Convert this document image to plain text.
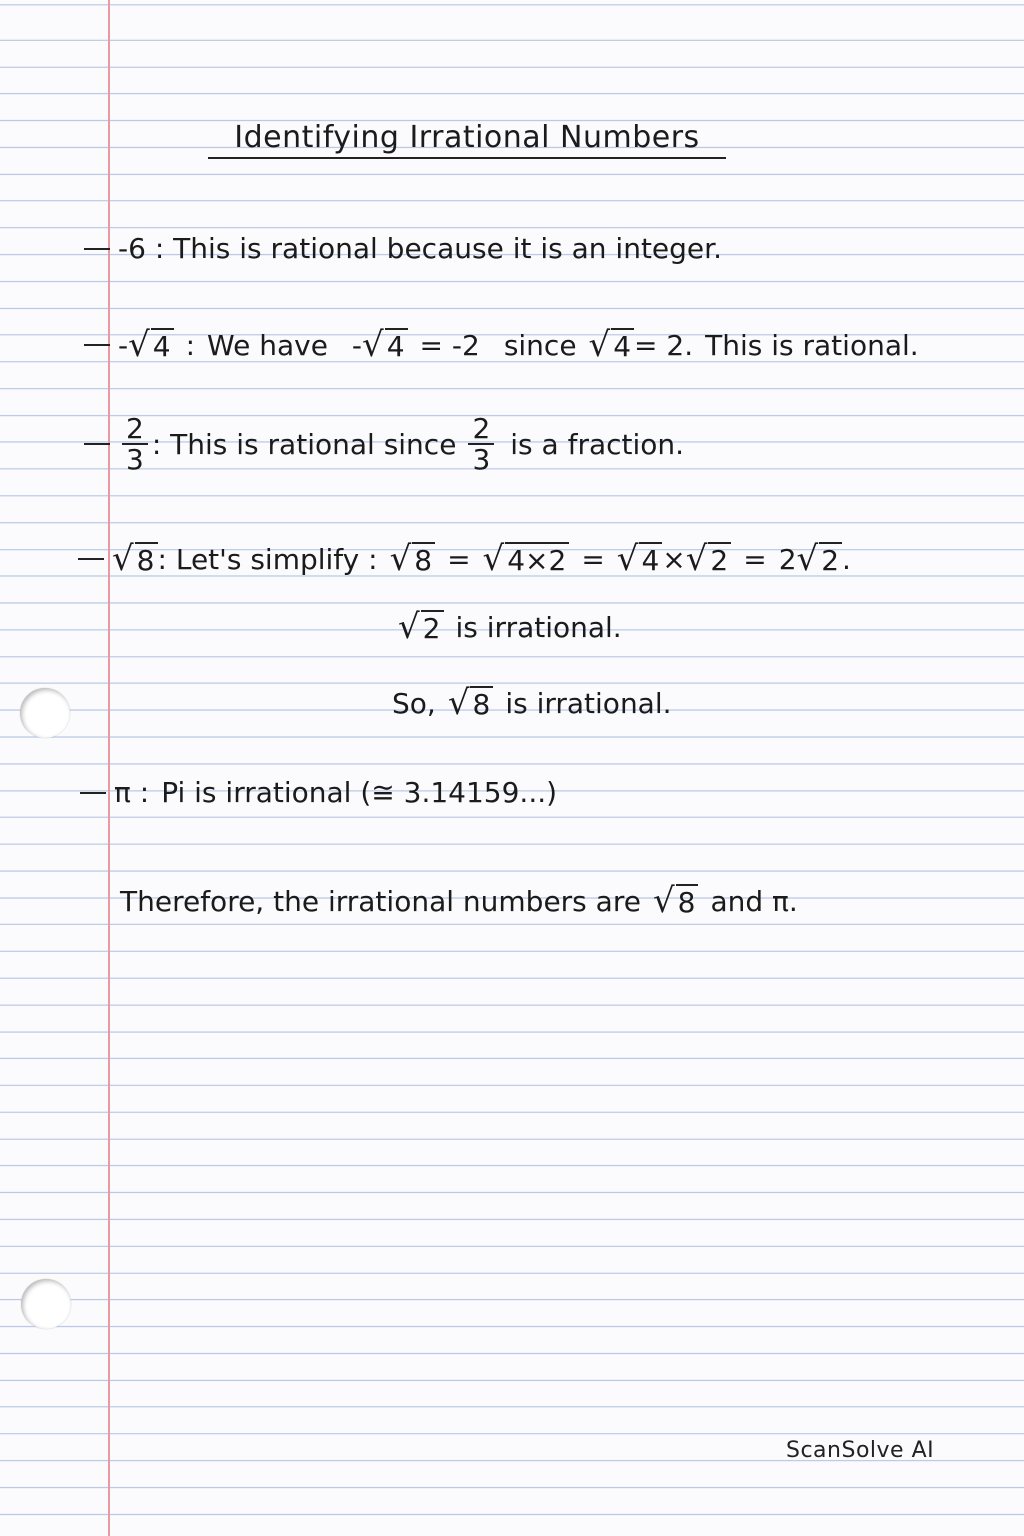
Identifying Irrational Numbers
-6 : This is rational because it is an integer.
- √ 4 : We have - √ 4 = -2 since √ 4 = 2. This is rational.
$\frac{2}{3}$ : This is rational since $\frac{2}{3}$ is a fraction.
√ 8 : Let's simplify : √ 8 = √ 4×2 = √ 4 × √ 2 = 2 √ 2 .
√ 2 is irrational.
So, √ 8 is irrational.
π : Pi is irrational (≅ 3.14159...)
Therefore, the irrational numbers are √ 8 and π.
ScanSolve AI
